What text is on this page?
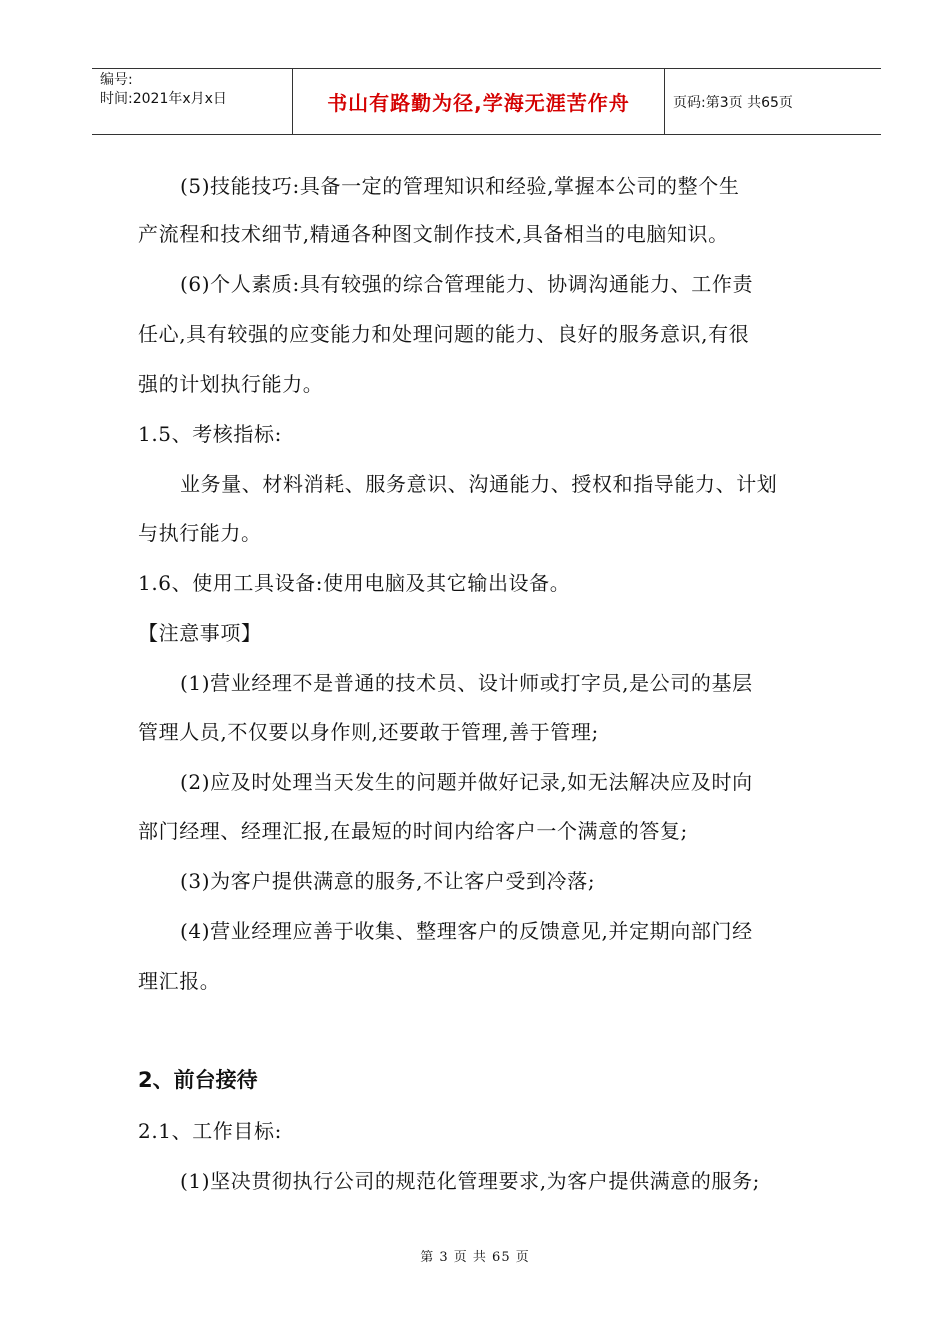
编号:
时间:2021年x月x日	书山有路勤为径,学海无涯苦作舟	页码:第3页 共65页
(5)技能技巧:具备一定的管理知识和经验,掌握本公司的整个生
产流程和技术细节,精通各种图文制作技术,具备相当的电脑知识。
(6)个人素质:具有较强的综合管理能力、协调沟通能力、工作责
任心,具有较强的应变能力和处理问题的能力、良好的服务意识,有很
强的计划执行能力。
1.5、考核指标:
业务量、材料消耗、服务意识、沟通能力、授权和指导能力、计划
与执行能力。
1.6、使用工具设备:使用电脑及其它输出设备。
【注意事项】
(1)营业经理不是普通的技术员、设计师或打字员,是公司的基层
管理人员,不仅要以身作则,还要敢于管理,善于管理;
(2)应及时处理当天发生的问题并做好记录,如无法解决应及时向
部门经理、经理汇报,在最短的时间内给客户一个满意的答复;
(3)为客户提供满意的服务,不让客户受到冷落;
(4)营业经理应善于收集、整理客户的反馈意见,并定期向部门经
理汇报。
2、前台接待
2.1、工作目标:
(1)坚决贯彻执行公司的规范化管理要求,为客户提供满意的服务;
第 3 页 共 65 页
